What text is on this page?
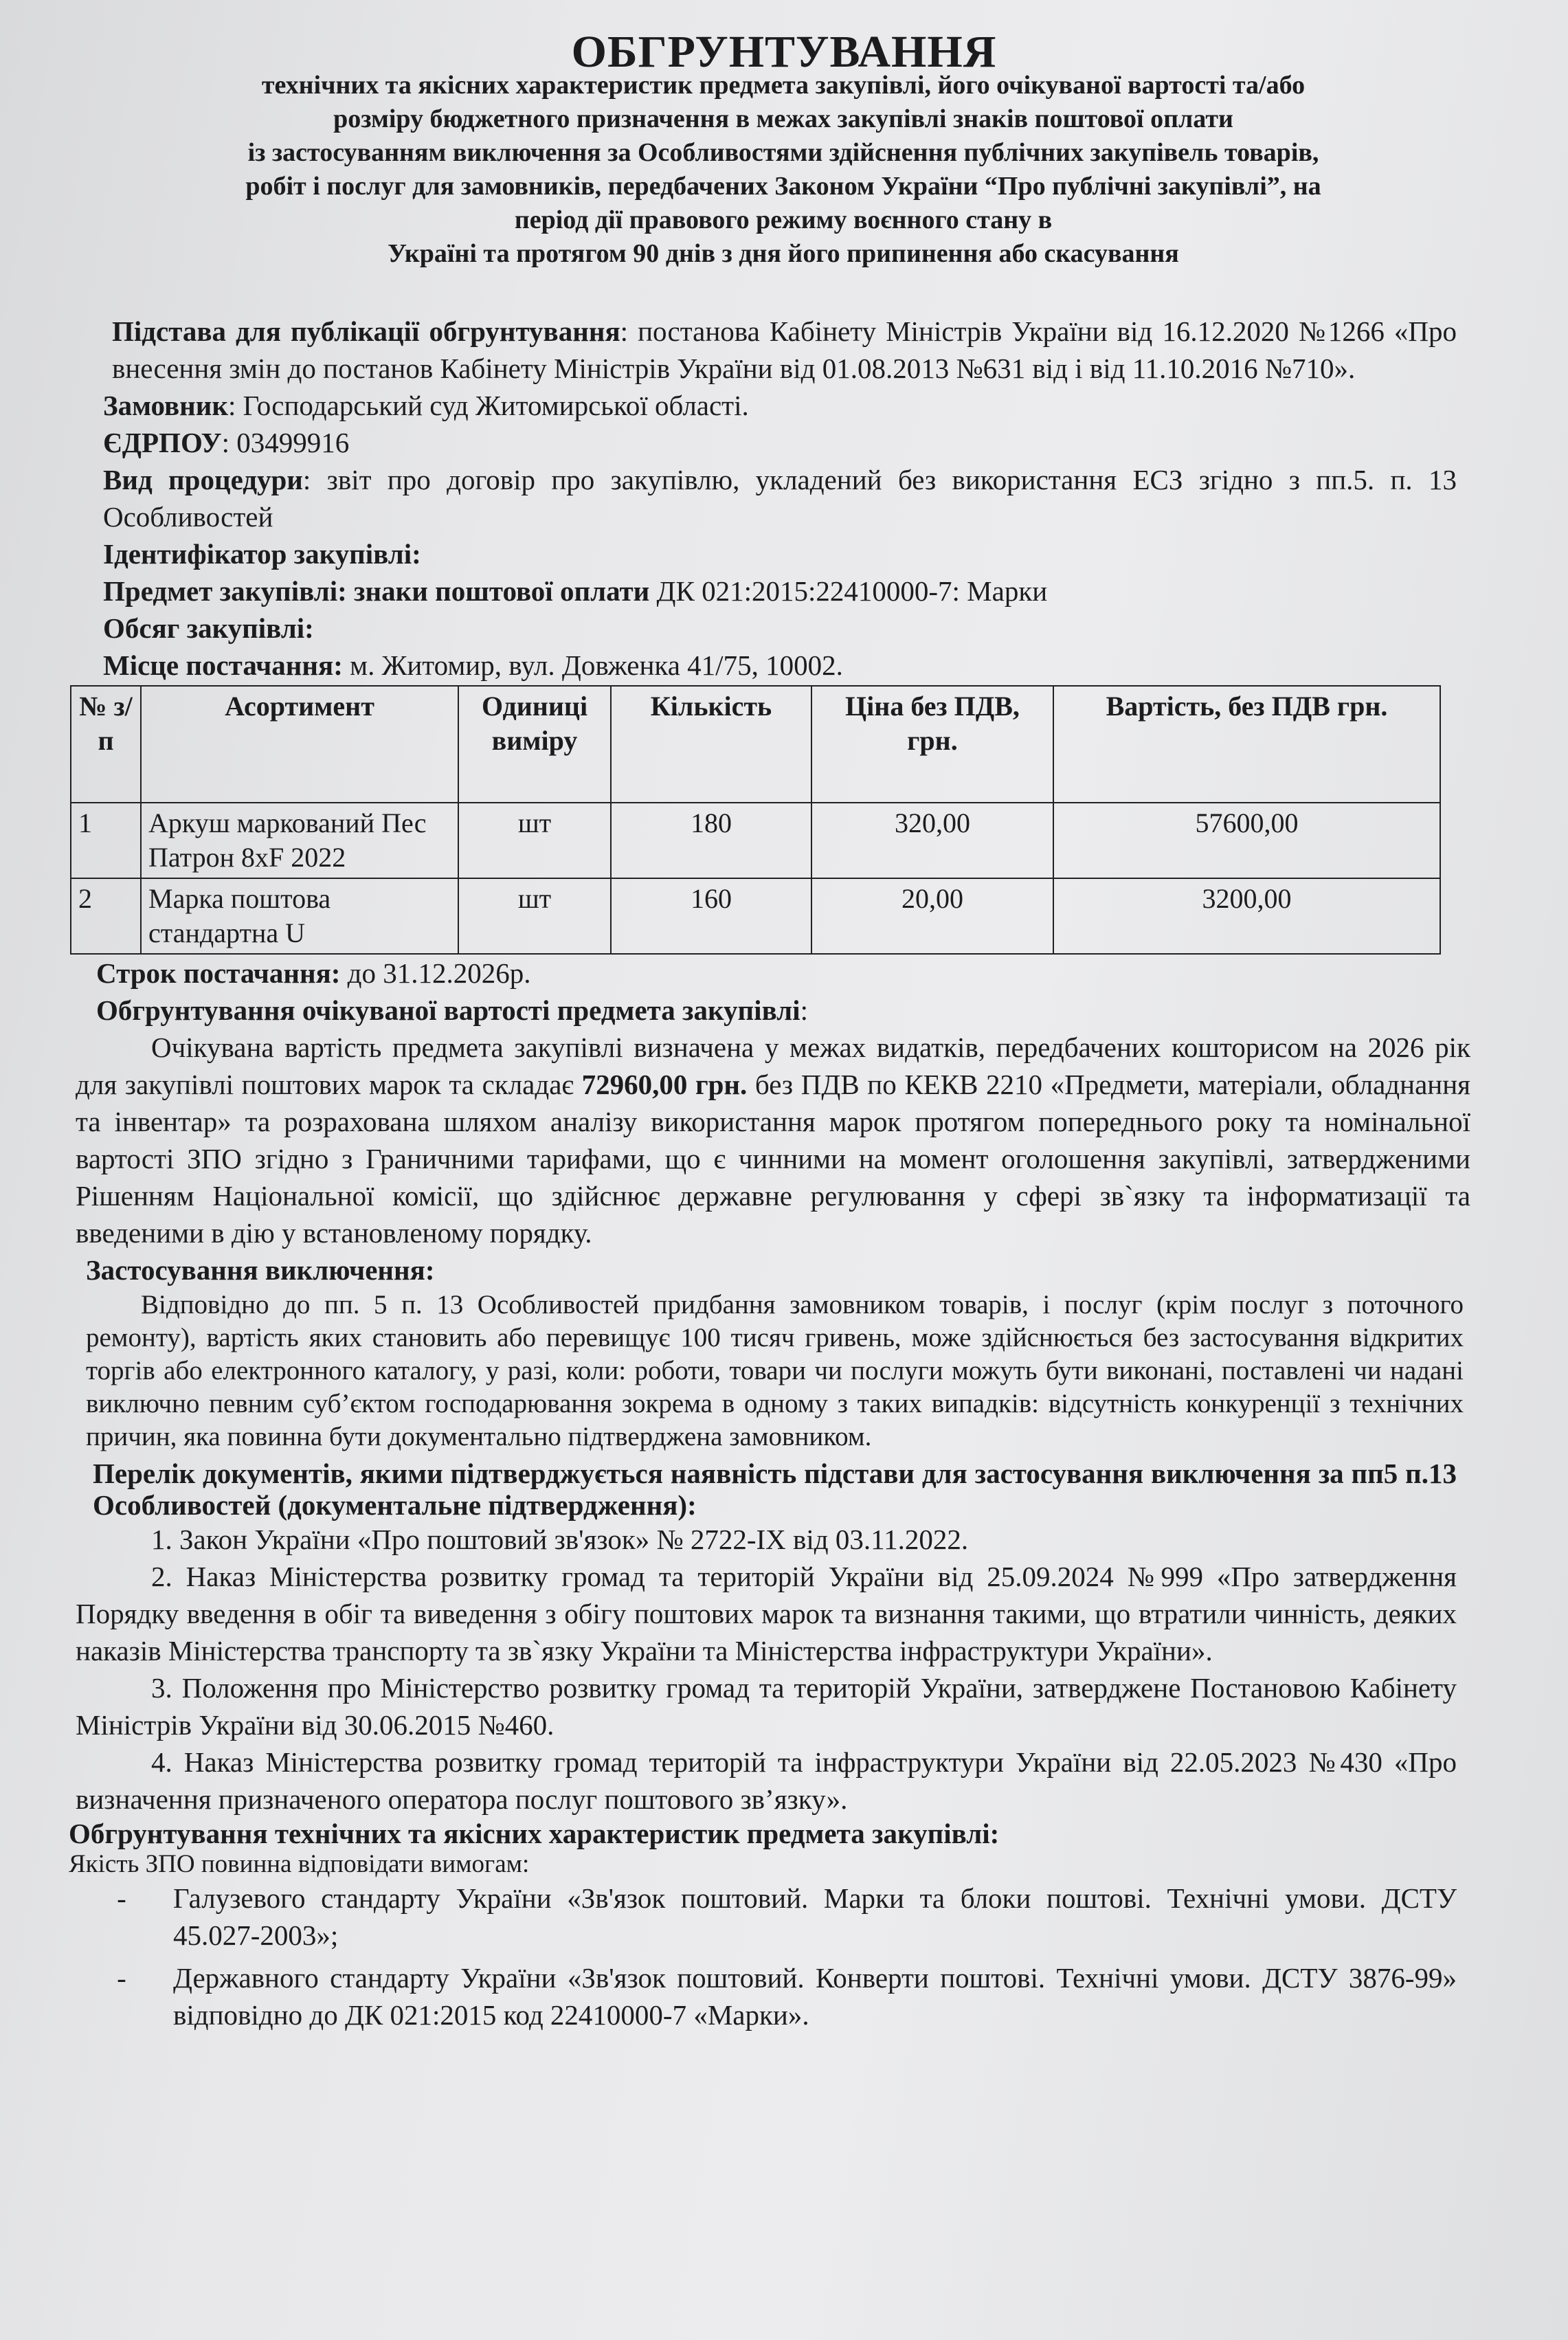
ОБГРУНТУВАННЯ
технічних та якісних характеристик предмета закупівлі, його очікуваної вартості та/або
розміру бюджетного призначення в межах закупівлі знаків поштової оплати
із застосуванням виключення за Особливостями здійснення публічних закупівель товарів,
робіт і послуг для замовників, передбачених Законом України “Про публічні закупівлі”, на
період дії правового режиму воєнного стану в
Україні та протягом 90 днів з дня його припинення або скасування

Підстава для публікації обгрунтування: постанова Кабінету Міністрів України від 16.12.2020 №1266 «Про внесення змін до постанов Кабінету Міністрів України від 01.08.2013 №631 від і від 11.10.2016 №710».

Замовник: Господарський суд Житомирської області.

ЄДРПОУ: 03499916

Вид процедури: звіт про договір про закупівлю, укладений без використання ЕСЗ згідно з пп.5. п. 13 Особливостей

Ідентифікатор закупівлі:

Предмет закупівлі: знаки поштової оплати ДК 021:2015:22410000-7: Марки

Обсяг закупівлі:

Місце постачання: м. Житомир, вул. Довженка 41/75, 10002.

№ з/п	Асортимент	Одиниці виміру	Кількість	Ціна без ПДВ, грн.	Вартість, без ПДВ грн.
1	Аркуш маркований Пес Патрон 8xF 2022	шт	180	320,00	57600,00
2	Марка поштова стандартна U	шт	160	20,00	3200,00

Строк постачання: до 31.12.2026р.

Обгрунтування очікуваної вартості предмета закупівлі:

Очікувана вартість предмета закупівлі визначена у межах видатків, передбачених кошторисом на 2026 рік для закупівлі поштових марок та складає 72960,00 грн. без ПДВ по КЕКВ 2210 «Предмети, матеріали, обладнання та інвентар» та розрахована шляхом аналізу використання марок протягом попереднього року та номінальної вартості ЗПО згідно з Граничними тарифами, що є чинними на момент оголошення закупівлі, затвердженими Рішенням Національної комісії, що здійснює державне регулювання у сфері зв`язку та інформатизації та введеними в дію у встановленому порядку.

Застосування виключення:

Відповідно до пп. 5 п. 13 Особливостей придбання замовником товарів, і послуг (крім послуг з поточного ремонту), вартість яких становить або перевищує 100 тисяч гривень, може здійснюється без застосування відкритих торгів або електронного каталогу, у разі, коли: роботи, товари чи послуги можуть бути виконані, поставлені чи надані виключно певним суб’єктом господарювання зокрема в одному з таких випадків: відсутність конкуренції з технічних причин, яка повинна бути документально підтверджена замовником.

Перелік документів, якими підтверджується наявність підстави для застосування виключення за пп5 п.13 Особливостей (документальне підтвердження):

1. Закон України «Про поштовий зв'язок» № 2722-IX від 03.11.2022.

2. Наказ Міністерства розвитку громад та територій України від 25.09.2024 №999 «Про затвердження Порядку введення в обіг та виведення з обігу поштових марок та визнання такими, що втратили чинність, деяких наказів Міністерства транспорту та зв`язку України та Міністерства інфраструктури України».

3. Положення про Міністерство розвитку громад та територій України, затверджене Постановою Кабінету Міністрів України від 30.06.2015 №460.

4. Наказ Міністерства розвитку громад територій та інфраструктури України від 22.05.2023 №430 «Про визначення призначеного оператора послуг поштового зв’язку».

Обгрунтування технічних та якісних характеристик предмета закупівлі:

Якість ЗПО повинна відповідати вимогам:

-	Галузевого стандарту України «Зв'язок поштовий. Марки та блоки поштові. Технічні умови. ДСТУ 45.027-2003»;
-	Державного стандарту України «Зв'язок поштовий. Конверти поштові. Технічні умови. ДСТУ 3876-99» відповідно до ДК 021:2015 код 22410000-7 «Марки».
